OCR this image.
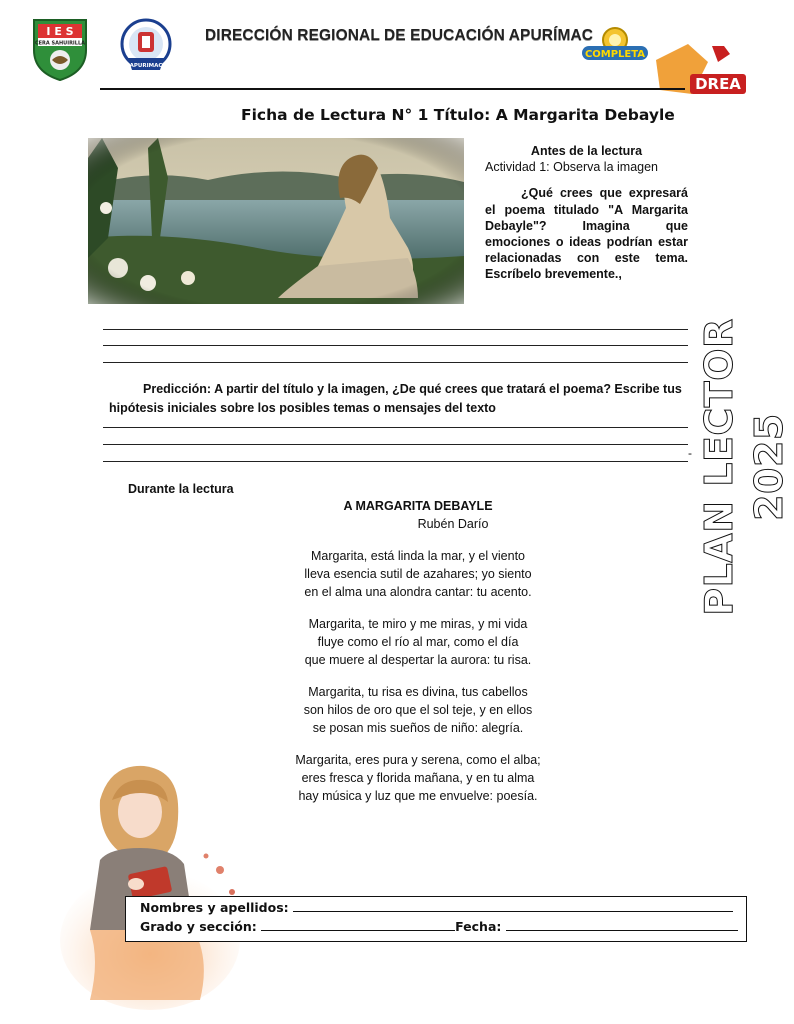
I E S
CERA SAHUIRILLA
APURIMAC
DIRECCIÓN REGIONAL DE EDUCACIÓN APURÍMAC
COMPLETA
DREA
Ficha de Lectura N° 1 Título: A Margarita Debayle
Antes de la lectura
Actividad 1: Observa la imagen
¿Qué crees que expresará el poema titulado "A Margarita Debayle"? Imagina que emociones o ideas podrían estar relacionadas con este tema. Escríbelo brevemente.,
Predicción: A partir del título y la imagen, ¿De qué crees que tratará el poema? Escribe tus hipótesis iniciales sobre los posibles temas o mensajes del texto
-
Durante la lectura
A MARGARITA DEBAYLE
Rubén Darío
Margarita, está linda la mar, y el viento
lleva esencia sutil de azahares; yo siento
en el alma una alondra cantar: tu acento.
Margarita, te miro y me miras, y mi vida
fluye como el río al mar, como el día
que muere al despertar la aurora: tu risa.
Margarita, tu risa es divina, tus cabellos
son hilos de oro que el sol teje, y en ellos
se posan mis sueños de niño: alegría.
Margarita, eres pura y serena, como el alba;
eres fresca y florida mañana, y en tu alma
hay música y luz que me envuelve: poesía.
PLAN LECTOR 2025
Nombres y apellidos:
Grado y sección:	Fecha:
